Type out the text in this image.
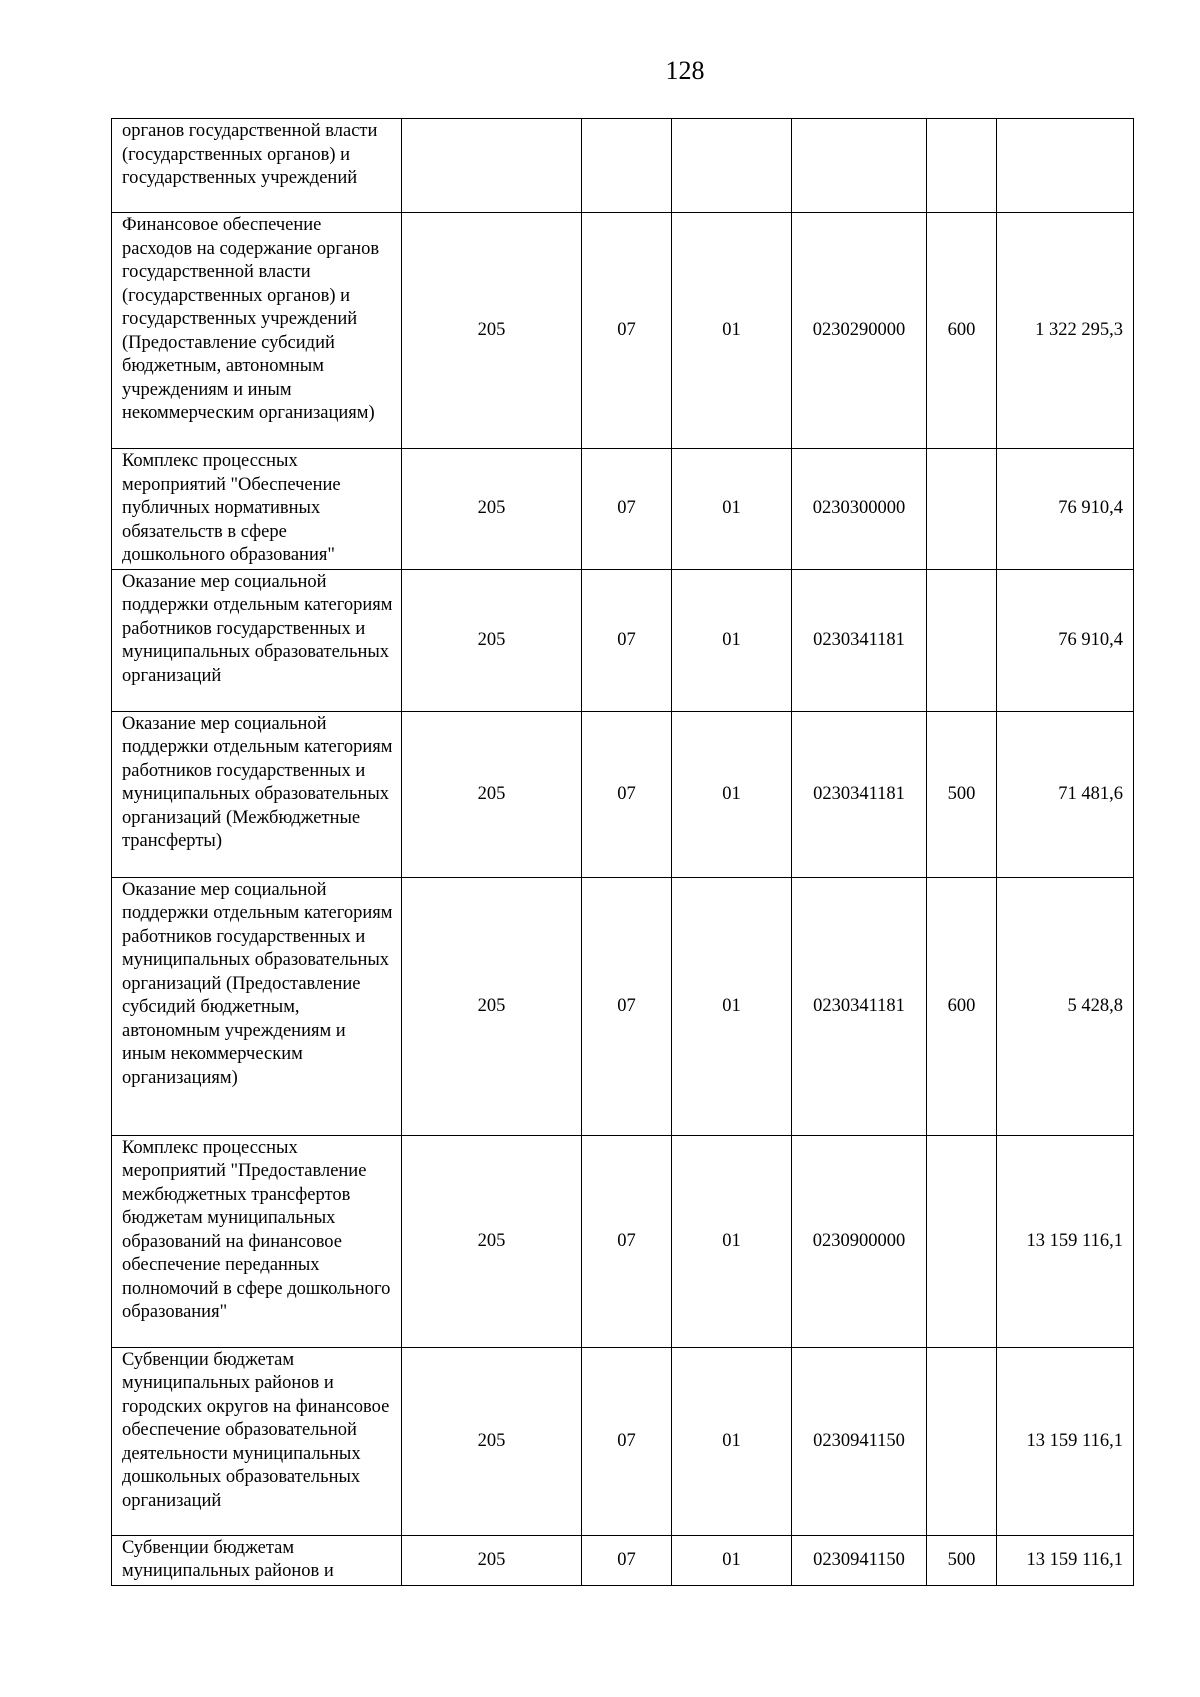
128
органов государственной власти (государственных органов) и государственных учреждений						
Финансовое обеспечение расходов на содержание органов государственной власти (государственных органов) и государственных учреждений (Предоставление субсидий бюджетным, автономным учреждениям и иным некоммерческим организациям)	205	07	01	0230290000	600	1 322 295,3
Комплекс процессных мероприятий "Обеспечение публичных нормативных обязательств в сфере дошкольного образования"	205	07	01	0230300000		76 910,4
Оказание мер социальной поддержки отдельным категориям работников государственных и муниципальных образовательных организаций	205	07	01	0230341181		76 910,4
Оказание мер социальной поддержки отдельным категориям работников государственных и муниципальных образовательных организаций (Межбюджетные трансферты)	205	07	01	0230341181	500	71 481,6
Оказание мер социальной поддержки отдельным категориям работников государственных и муниципальных образовательных организаций (Предоставление субсидий бюджетным, автономным учреждениям и иным некоммерческим организациям)	205	07	01	0230341181	600	5 428,8
Комплекс процессных мероприятий "Предоставление межбюджетных трансфертов бюджетам муниципальных образований на финансовое обеспечение переданных полномочий в сфере дошкольного образования"	205	07	01	0230900000		13 159 116,1
Субвенции бюджетам муниципальных районов и городских округов на финансовое обеспечение образовательной деятельности муниципальных дошкольных образовательных организаций	205	07	01	0230941150		13 159 116,1
Субвенции бюджетам муниципальных районов и	205	07	01	0230941150	500	13 159 116,1
